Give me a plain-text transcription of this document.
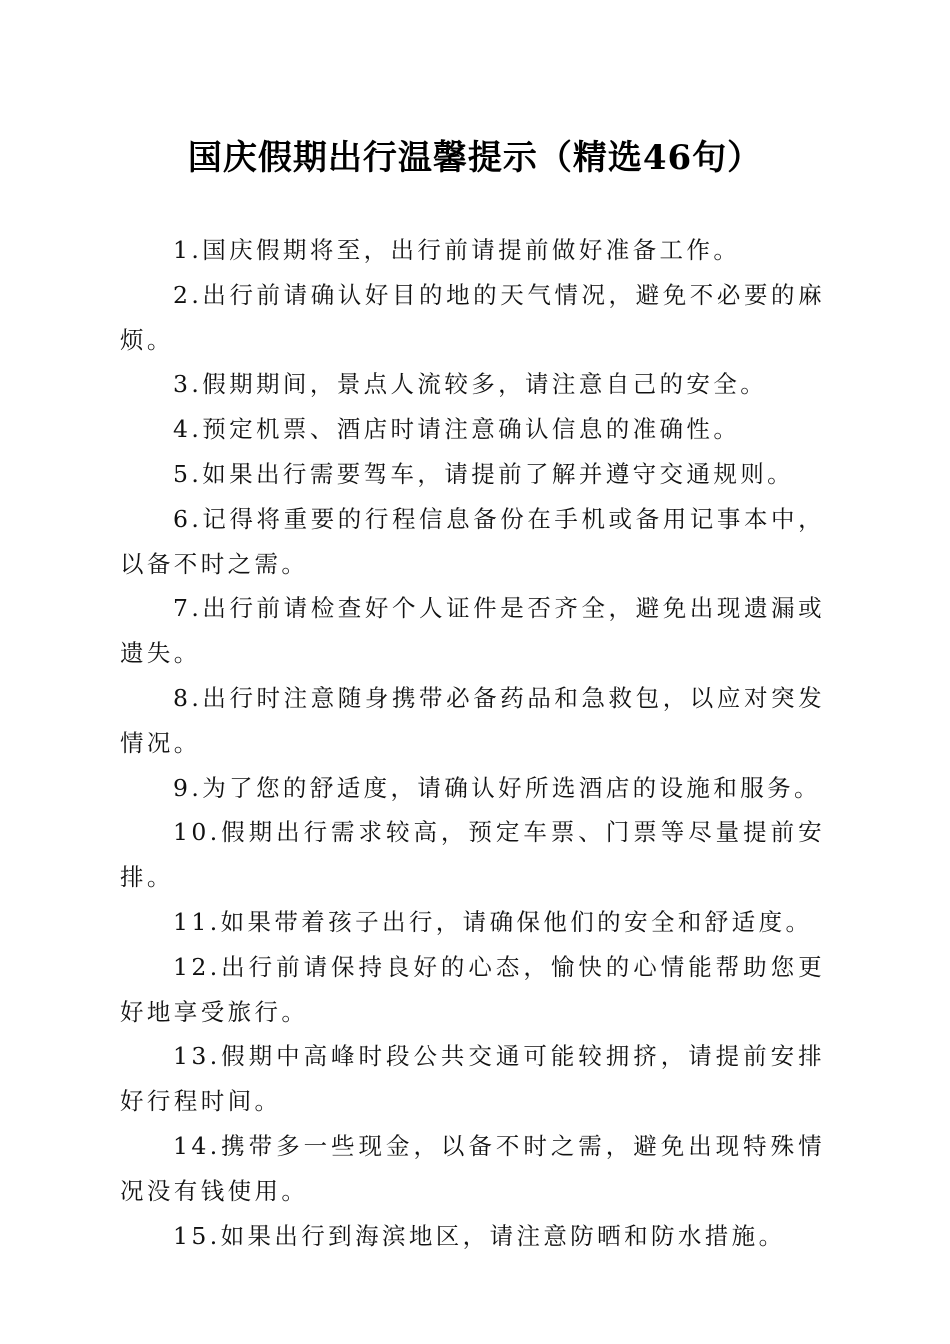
国庆假期出行温馨提示（精选46句）

1.国庆假期将至，出行前请提前做好准备工作。

2.出行前请确认好目的地的天气情况，避免不必要的麻烦。

3.假期期间，景点人流较多，请注意自己的安全。

4.预定机票、酒店时请注意确认信息的准确性。

5.如果出行需要驾车，请提前了解并遵守交通规则。

6.记得将重要的行程信息备份在手机或备用记事本中，以备不时之需。

7.出行前请检查好个人证件是否齐全，避免出现遗漏或遗失。

8.出行时注意随身携带必备药品和急救包，以应对突发情况。

9.为了您的舒适度，请确认好所选酒店的设施和服务。

10.假期出行需求较高，预定车票、门票等尽量提前安排。

11.如果带着孩子出行，请确保他们的安全和舒适度。

12.出行前请保持良好的心态，愉快的心情能帮助您更好地享受旅行。

13.假期中高峰时段公共交通可能较拥挤，请提前安排好行程时间。

14.携带多一些现金，以备不时之需，避免出现特殊情况没有钱使用。

15.如果出行到海滨地区，请注意防晒和防水措施。
